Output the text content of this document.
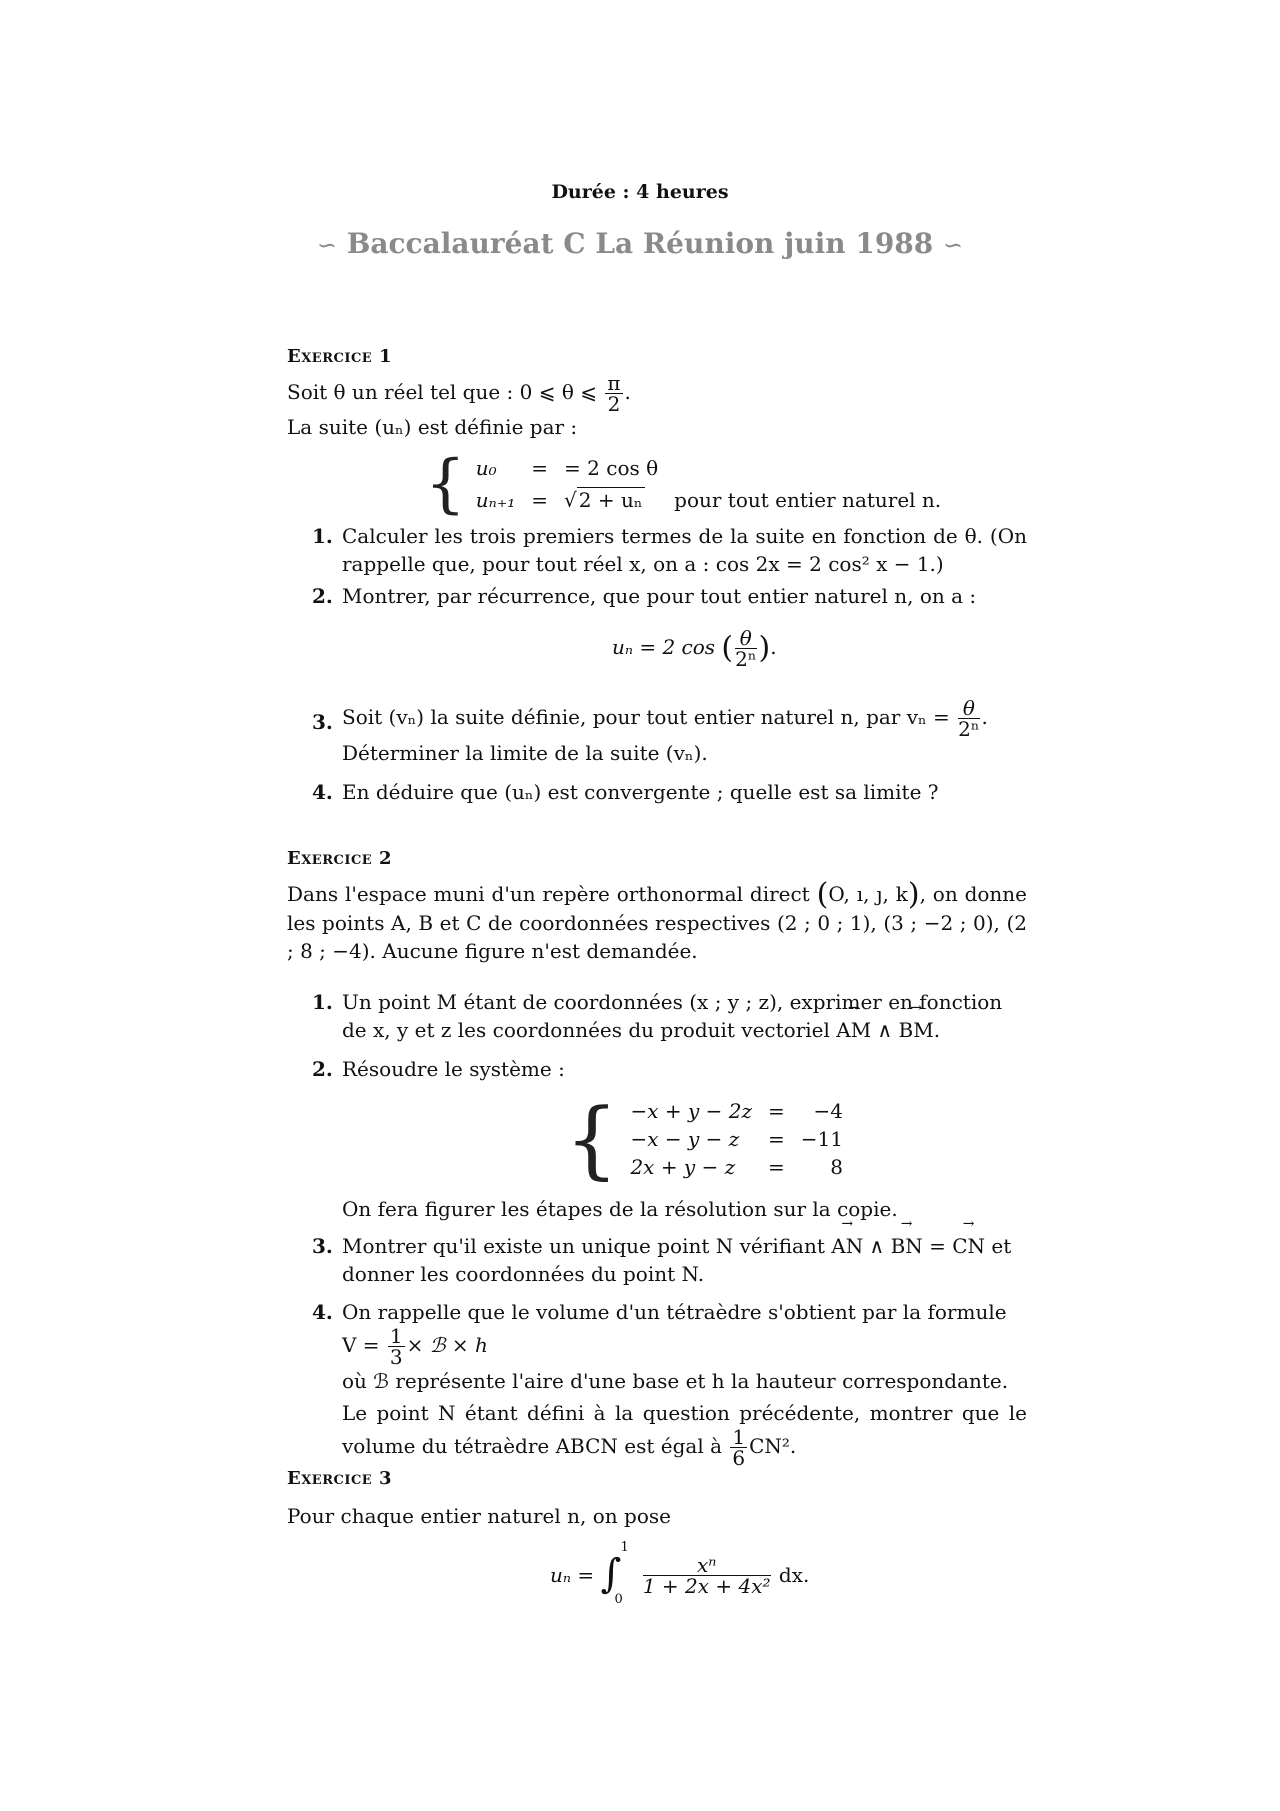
Durée : 4 heures
∽ Baccalauréat C La Réunion juin 1988 ∽
Exercice 1
Soit θ un réel tel que : 0 ⩽ θ ⩽ $\frac{\pi}{2}$ .
La suite (uₙ) est définie par :
{	u₀	=	= 2 cos θ	
	uₙ₊₁	=	√ 2 + uₙ	pour tout entier naturel n.
1. Calculer les trois premiers termes de la suite en fonction de θ. (On rappelle que, pour tout réel x, on a : cos 2x = 2 cos² x − 1.)
2. Montrer, par récurrence, que pour tout entier naturel n, on a :
uₙ = 2 cos ( $\frac{\theta}{\text{2ⁿ}}$ ).
3. Soit (vₙ) la suite définie, pour tout entier naturel n, par $v_n = \frac{\theta}{\text{2ⁿ}}$ .
Déterminer la limite de la suite (vₙ).
4. En déduire que (uₙ) est convergente ; quelle est sa limite ?
Exercice 2
Dans l'espace muni d'un repère orthonormal direct (O, ı, ȷ, k), on donne les points A, B et C de coordonnées respectives (2 ; 0 ; 1), (3 ; −2 ; 0), (2 ; 8 ; −4). Aucune figure n'est demandée.
1. Un point M étant de coordonnées (x ; y ; z), exprimer en fonction de x, y et z les coordonnées du produit vectoriel → AM ∧ → BM.
2. Résoudre le système :
{	−x + y − 2z	=	−4
	−x − y − z	=	−11
	2x + y − z	=	8
On fera figurer les étapes de la résolution sur la copie.
3. Montrer qu'il existe un unique point N vérifiant → AN ∧ → BN = → CN et donner les coordonnées du point N.
4. On rappelle que le volume d'un tétraèdre s'obtient par la formule $V = \frac{1}{3}$ × ℬ × h
où ℬ représente l'aire d'une base et h la hauteur correspondante.
Le point N étant défini à la question précédente, montrer que le volume du tétraèdre ABCN est égal à $\frac{1}{6} CN^2$.
Exercice 3
Pour chaque entier naturel n, on pose
uₙ = ∫
1
0

$\frac{\text{xⁿ}}{\text{1 + 2x + 4x²}}$ dx.
